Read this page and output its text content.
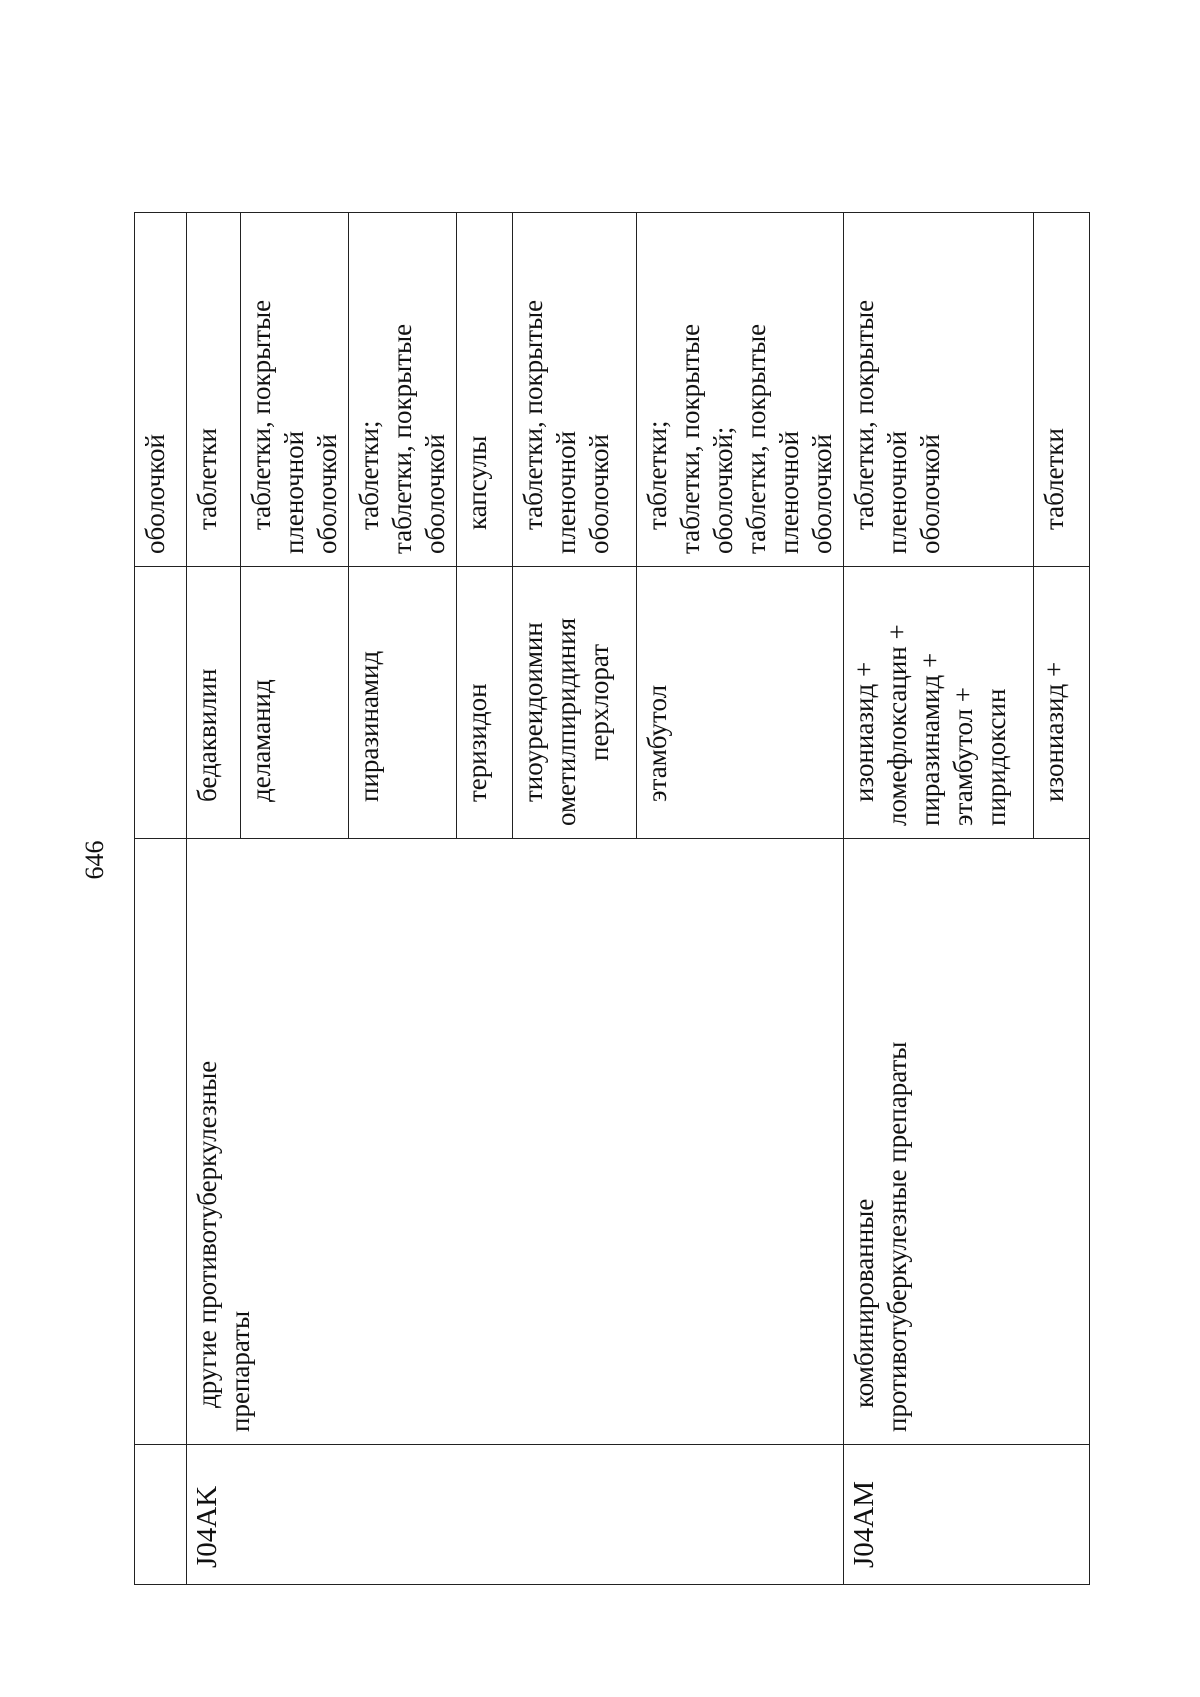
646

			оболочкой

J04AK	другие противотуберкулезные препараты	бедаквилин	таблетки

		деламанид	таблетки, покрытые пленочной оболочкой

		пиразинамид	таблетки; таблетки, покрытые оболочкой

		теризидон	капсулы

		тиоуреидоимин ометилпиридиния перхлорат	таблетки, покрытые пленочной оболочкой

		этамбутол	таблетки; таблетки, покрытые оболочкой; таблетки, покрытые пленочной оболочкой

J04AM	комбинированные противотуберкулезные препараты	изониазид + ломефлоксацин + пиразинамид + этамбутол + пиридоксин	таблетки, покрытые пленочной оболочкой

		изониазид +	таблетки
